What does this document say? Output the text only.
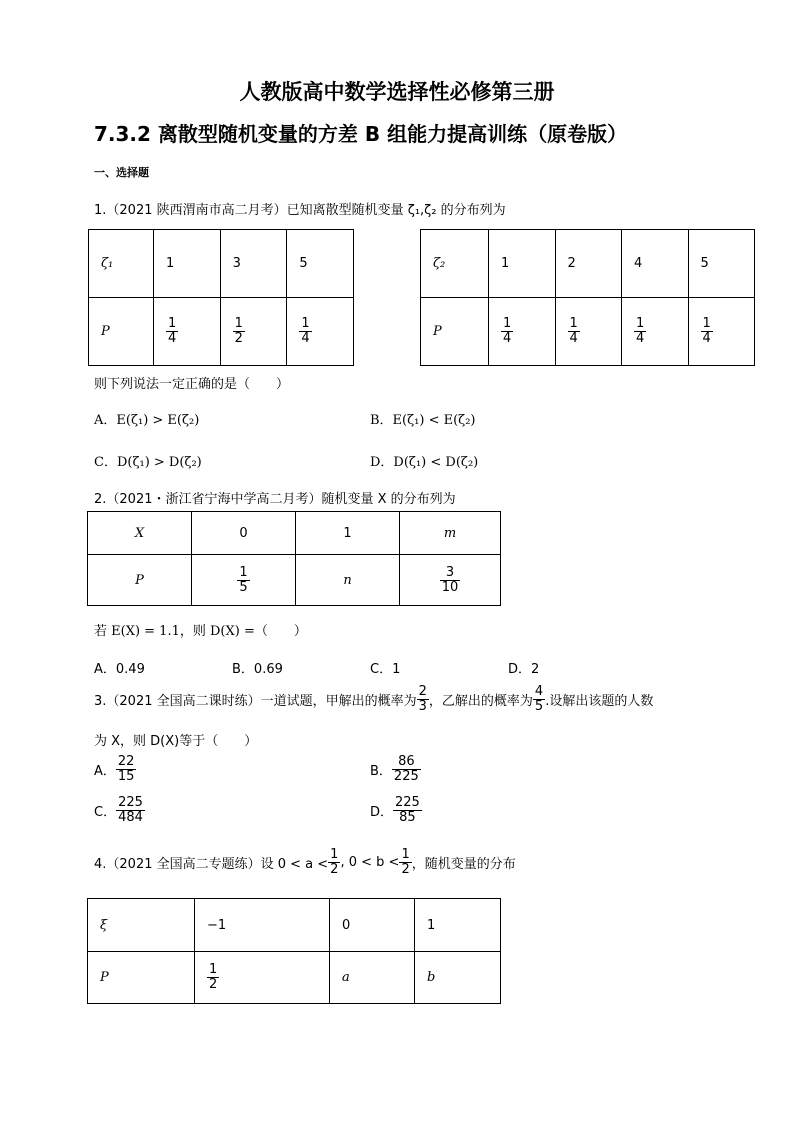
人教版高中数学选择性必修第三册
7.3.2 离散型随机变量的方差 B 组能力提高训练（原卷版）
一、选择题
1.（2021 陕西渭南市高二月考）已知离散型随机变量 ζ₁,ζ₂ 的分布列为
ζ₁	1	3	5
P	$\frac{1}{4}$	$\frac{1}{2}$	$\frac{1}{4}$
ζ₂	1	2	4	5
P	$\frac{1}{4}$	$\frac{1}{4}$	$\frac{1}{4}$	$\frac{1}{4}$
则下列说法一定正确的是（　　）
A．E(ζ₁) > E(ζ₂)	B．E(ζ₁) < E(ζ₂)
C．D(ζ₁) > D(ζ₂)	D．D(ζ₁) < D(ζ₂)
2.（2021・浙江省宁海中学高二月考）随机变量 X 的分布列为
X	0	1	m
P	$\frac{1}{5}$	n	$\frac{3}{10}$
若 E(X) = 1.1，则 D(X) =（　　）
A．0.49	B．0.69	C．1	D．2
3.（2021 全国高二课时练）一道试题，甲解出的概率为 $\frac{2}{3}$ ，乙解出的概率为 $\frac{4}{5}$ .设解出该题的人数
为 X，则 D(X)等于（　　）
A． $\frac{22}{15}$	B． $\frac{86}{225}$
C． $\frac{225}{484}$	D． $\frac{225}{85}$
4.（2021 全国高二专题练）设 $0 < a < \frac{1}{2}$ , $0 < b < \frac{1}{2}$ ，随机变量的分布
ξ	−1	0	1
P	$\frac{1}{2}$	a	b
